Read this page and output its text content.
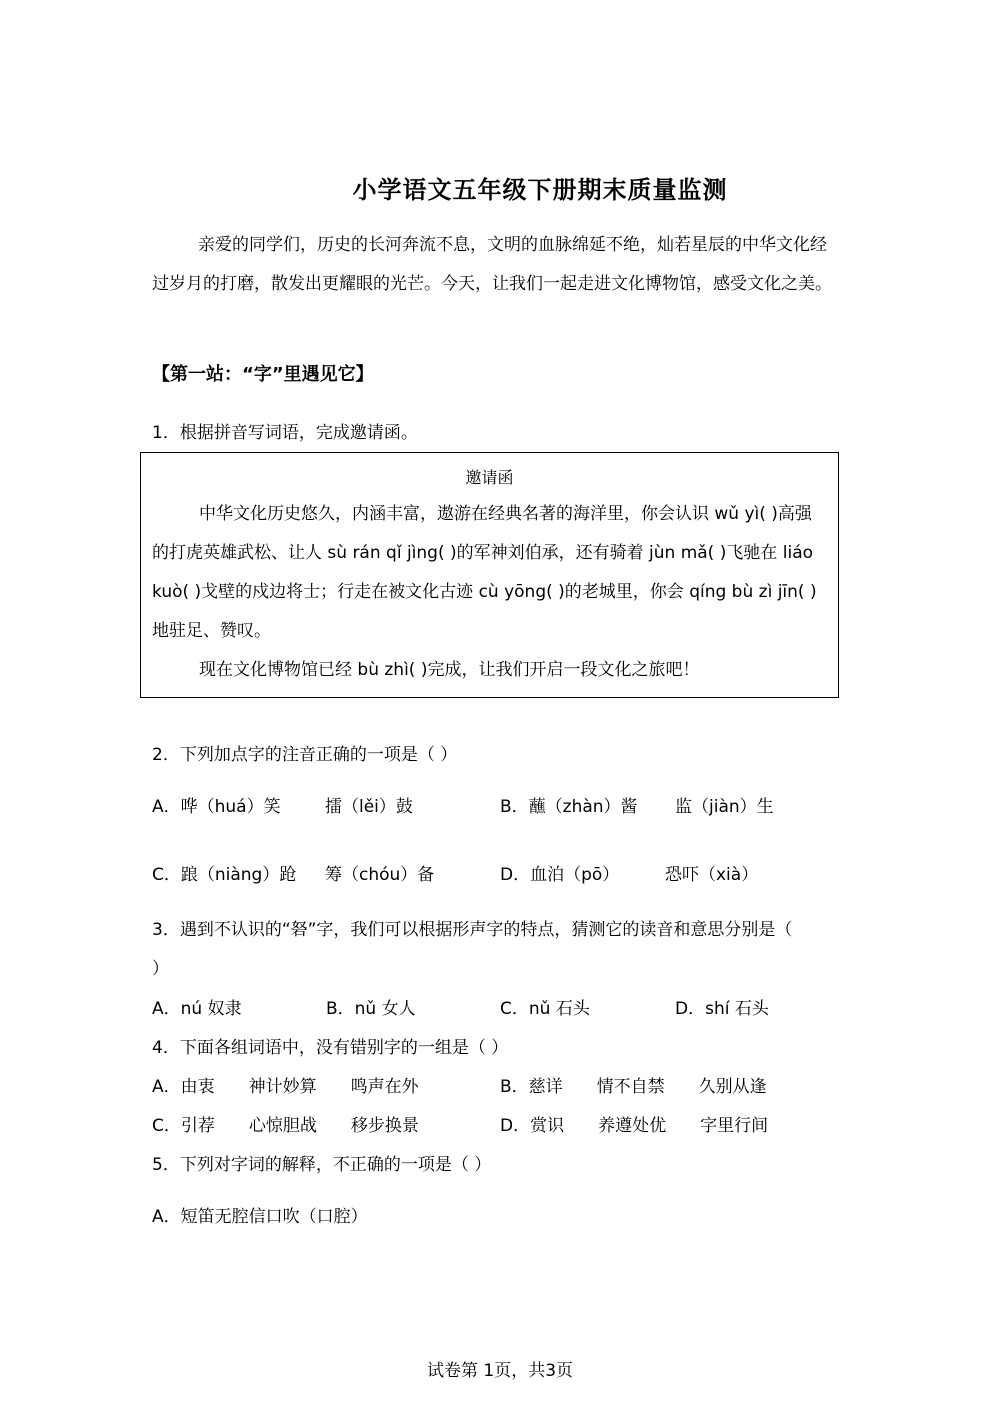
小学语文五年级下册期末质量监测
亲爱的同学们，历史的长河奔流不息，文明的血脉绵延不绝，灿若星辰的中华文化经过岁月的打磨，散发出更耀眼的光芒。今天，让我们一起走进文化博物馆，感受文化之美。
【第一站：“字”里遇见它】
1．根据拼音写词语，完成邀请函。
邀请函
中华文化历史悠久，内涵丰富，遨游在经典名著的海洋里，你会认识 wǔ yì( )高强的打虎英雄武松、让人 sù rán qǐ jìng( )的军神刘伯承，还有骑着 jùn mǎ( )飞驰在 liáo kuò( )戈壁的戍边将士；行走在被文化古迹 cù yōng( )的老城里，你会 qíng bù zì jīn( )地驻足、赞叹。
现在文化博物馆已经 bù zhì( )完成，让我们开启一段文化之旅吧！
2．下列加点字的注音正确的一项是（ ）
A．哗（huá）笑	擂（lěi）鼓	B．蘸（zhàn）酱 监（jiàn）生
C．踉（niàng）跄 筹（chóu）备	D．血泊（pō）	恐吓（xià）
3．遇到不认识的“砮”字，我们可以根据形声字的特点，猜测它的读音和意思分别是（
）
A．nú 奴隶	B．nǔ 女人	C．nǔ 石头	D．shí 石头
4．下面各组词语中，没有错别字的一组是（ ）
A．由衷　　神计妙算　　鸣声在外	B．慈详　　情不自禁　　久别从逢
C．引荐　　心惊胆战　　移步换景	D．赏识　　养遵处优　　字里行间
5．下列对字词的解释，不正确的一项是（ ）
A．短笛无腔信口吹（口腔）
试卷第 1页，共3页
